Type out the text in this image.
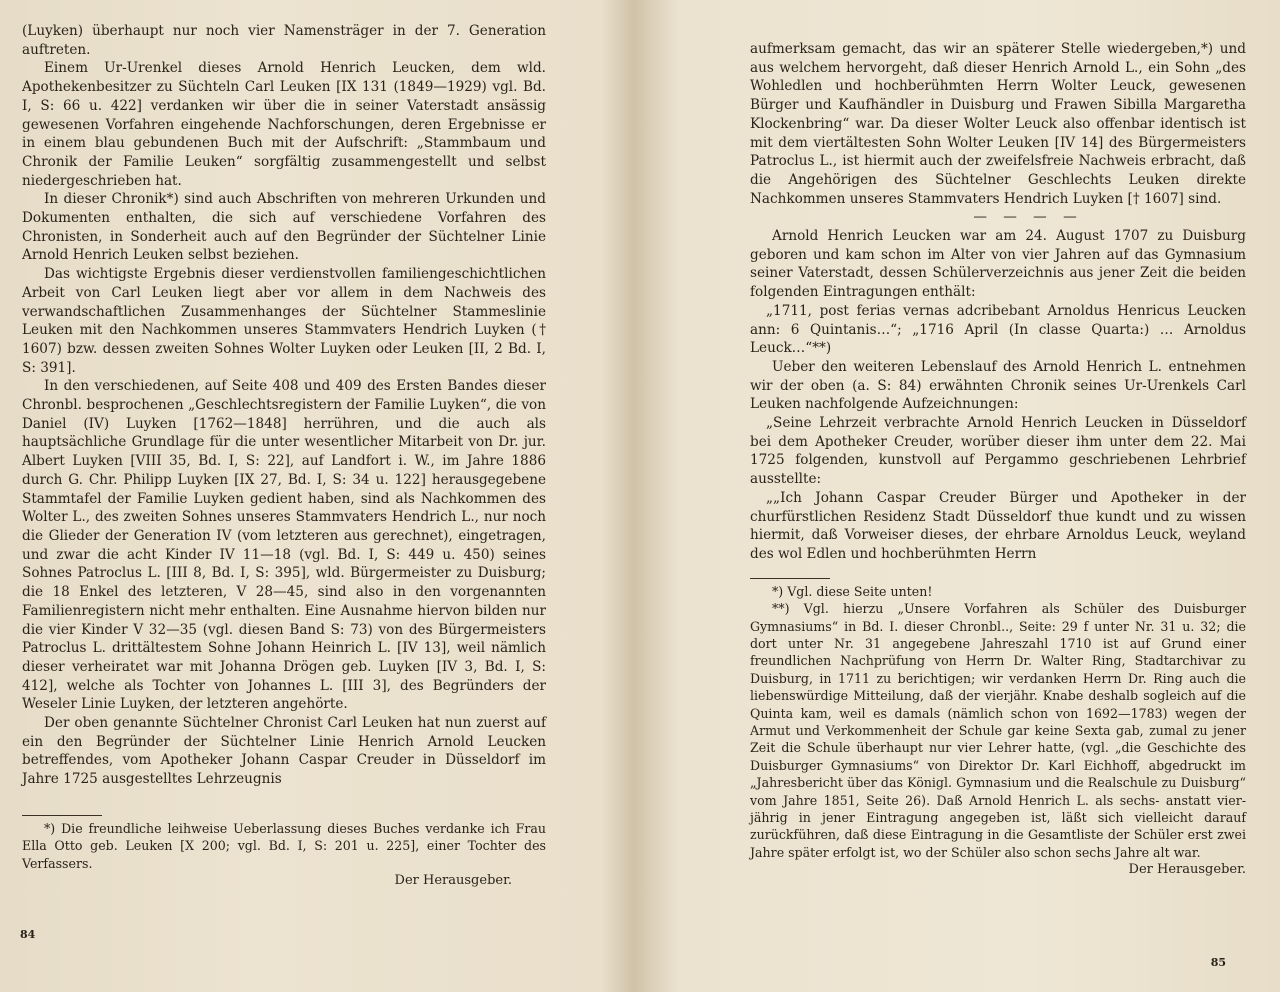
(Luyken) überhaupt nur noch vier Namensträger in der 7. Generation auftreten.

Einem Ur-Urenkel dieses Arnold Henrich Leucken, dem wld. Apothekenbesitzer zu Süchteln Carl Leuken [IX 131 (1849—1929) vgl. Bd. I, S: 66 u. 422] verdanken wir über die in seiner Vaterstadt ansässig gewesenen Vorfahren eingehende Nachforschungen, deren Ergebnisse er in einem blau gebundenen Buch mit der Aufschrift: „Stammbaum und Chronik der Familie Leuken“ sorgfältig zusammengestellt und selbst niedergeschrieben hat.

In dieser Chronik*) sind auch Abschriften von mehreren Urkunden und Dokumenten enthalten, die sich auf verschiedene Vorfahren des Chronisten, in Sonderheit auch auf den Begründer der Süchtelner Linie Arnold Henrich Leuken selbst beziehen.

Das wichtigste Ergebnis dieser verdienstvollen familiengeschichtlichen Arbeit von Carl Leuken liegt aber vor allem in dem Nachweis des verwandschaftlichen Zusammenhanges der Süchtelner Stammeslinie Leuken mit den Nachkommen unseres Stammvaters Hendrich Luyken († 1607) bzw. dessen zweiten Sohnes Wolter Luyken oder Leuken [II, 2 Bd. I, S: 391].

In den verschiedenen, auf Seite 408 und 409 des Ersten Bandes dieser Chronbl. besprochenen „Geschlechtsregistern der Familie Luyken“, die von Daniel (IV) Luyken [1762—1848] herrühren, und die auch als hauptsächliche Grundlage für die unter wesentlicher Mitarbeit von Dr. jur. Albert Luyken [VIII 35, Bd. I, S: 22], auf Landfort i. W., im Jahre 1886 durch G. Chr. Philipp Luyken [IX 27, Bd. I, S: 34 u. 122] herausgegebene Stammtafel der Familie Luyken gedient haben, sind als Nachkommen des Wolter L., des zweiten Sohnes unseres Stammvaters Hendrich L., nur noch die Glieder der Generation IV (vom letzteren aus gerechnet), eingetragen, und zwar die acht Kinder IV 11—18 (vgl. Bd. I, S: 449 u. 450) seines Sohnes Patroclus L. [III 8, Bd. I, S: 395], wld. Bürgermeister zu Duisburg; die 18 Enkel des letzteren, V 28—45, sind also in den vorgenannten Familienregistern nicht mehr enthalten. Eine Ausnahme hiervon bilden nur die vier Kinder V 32—35 (vgl. diesen Band S: 73) von des Bürgermeisters Patroclus L. drittältestem Sohne Johann Heinrich L. [IV 13], weil nämlich dieser verheiratet war mit Johanna Drögen geb. Luyken [IV 3, Bd. I, S: 412], welche als Tochter von Johannes L. [III 3], des Begründers der Weseler Linie Luyken, der letzteren angehörte.

Der oben genannte Süchtelner Chronist Carl Leuken hat nun zuerst auf ein den Begründer der Süchtelner Linie Henrich Arnold Leucken betreffendes, vom Apotheker Johann Caspar Creuder in Düsseldorf im Jahre 1725 ausgestelltes Lehrzeugnis

*) Die freundliche leihweise Ueberlassung dieses Buches verdanke ich Frau Ella Otto geb. Leuken [X 200; vgl. Bd. I, S: 201 u. 225], einer Tochter des Verfassers.

Der Herausgeber.

84

aufmerksam gemacht, das wir an späterer Stelle wiedergeben,*) und aus welchem hervorgeht, daß dieser Henrich Arnold L., ein Sohn „des Wohledlen und hochberühmten Herrn Wolter Leuck, gewesenen Bürger und Kaufhändler in Duisburg und Frawen Sibilla Margaretha Klockenbring“ war. Da dieser Wolter Leuck also offenbar identisch ist mit dem viertältesten Sohn Wolter Leuken [IV 14] des Bürgermeisters Patroclus L., ist hiermit auch der zweifelsfreie Nachweis erbracht, daß die Angehörigen des Süchtelner Geschlechts Leuken direkte Nachkommen unseres Stammvaters Hendrich Luyken [† 1607] sind.

— — — —

Arnold Henrich Leucken war am 24. August 1707 zu Duisburg geboren und kam schon im Alter von vier Jahren auf das Gymnasium seiner Vaterstadt, dessen Schülerverzeichnis aus jener Zeit die beiden folgenden Eintragungen enthält:

„1711, post ferias vernas adcribebant Arnoldus Henricus Leucken ann: 6 Quintanis…“; „1716 April (In classe Quarta:) … Arnoldus Leuck…“**)

Ueber den weiteren Lebenslauf des Arnold Henrich L. entnehmen wir der oben (a. S: 84) erwähnten Chronik seines Ur-Urenkels Carl Leuken nachfolgende Aufzeichnungen:

„Seine Lehrzeit verbrachte Arnold Henrich Leucken in Düsseldorf bei dem Apotheker Creuder, worüber dieser ihm unter dem 22. Mai 1725 folgenden, kunstvoll auf Pergammo geschriebenen Lehrbrief ausstellte:

„„Ich Johann Caspar Creuder Bürger und Apotheker in der churfürstlichen Residenz Stadt Düsseldorf thue kundt und zu wissen hiermit, daß Vorweiser dieses, der ehrbare Arnoldus Leuck, weyland des wol Edlen und hochberühmten Herrn

*) Vgl. diese Seite unten!

**) Vgl. hierzu „Unsere Vorfahren als Schüler des Duisburger Gymnasiums“ in Bd. I. dieser Chronbl.., Seite: 29 f unter Nr. 31 u. 32; die dort unter Nr. 31 angegebene Jahreszahl 1710 ist auf Grund einer freundlichen Nachprüfung von Herrn Dr. Walter Ring, Stadtarchivar zu Duisburg, in 1711 zu berichtigen; wir verdanken Herrn Dr. Ring auch die liebenswürdige Mitteilung, daß der vierjähr. Knabe deshalb sogleich auf die Quinta kam, weil es damals (nämlich schon von 1692—1783) wegen der Armut und Verkommenheit der Schule gar keine Sexta gab, zumal zu jener Zeit die Schule überhaupt nur vier Lehrer hatte, (vgl. „die Geschichte des Duisburger Gymnasiums“ von Direktor Dr. Karl Eichhoff, abgedruckt im „Jahresbericht über das Königl. Gymnasium und die Realschule zu Duisburg“ vom Jahre 1851, Seite 26). Daß Arnold Henrich L. als sechs- anstatt vier-jährig in jener Eintragung angegeben ist, läßt sich vielleicht darauf zurückführen, daß diese Eintragung in die Gesamtliste der Schüler erst zwei Jahre später erfolgt ist, wo der Schüler also schon sechs Jahre alt war.

Der Herausgeber.

85
